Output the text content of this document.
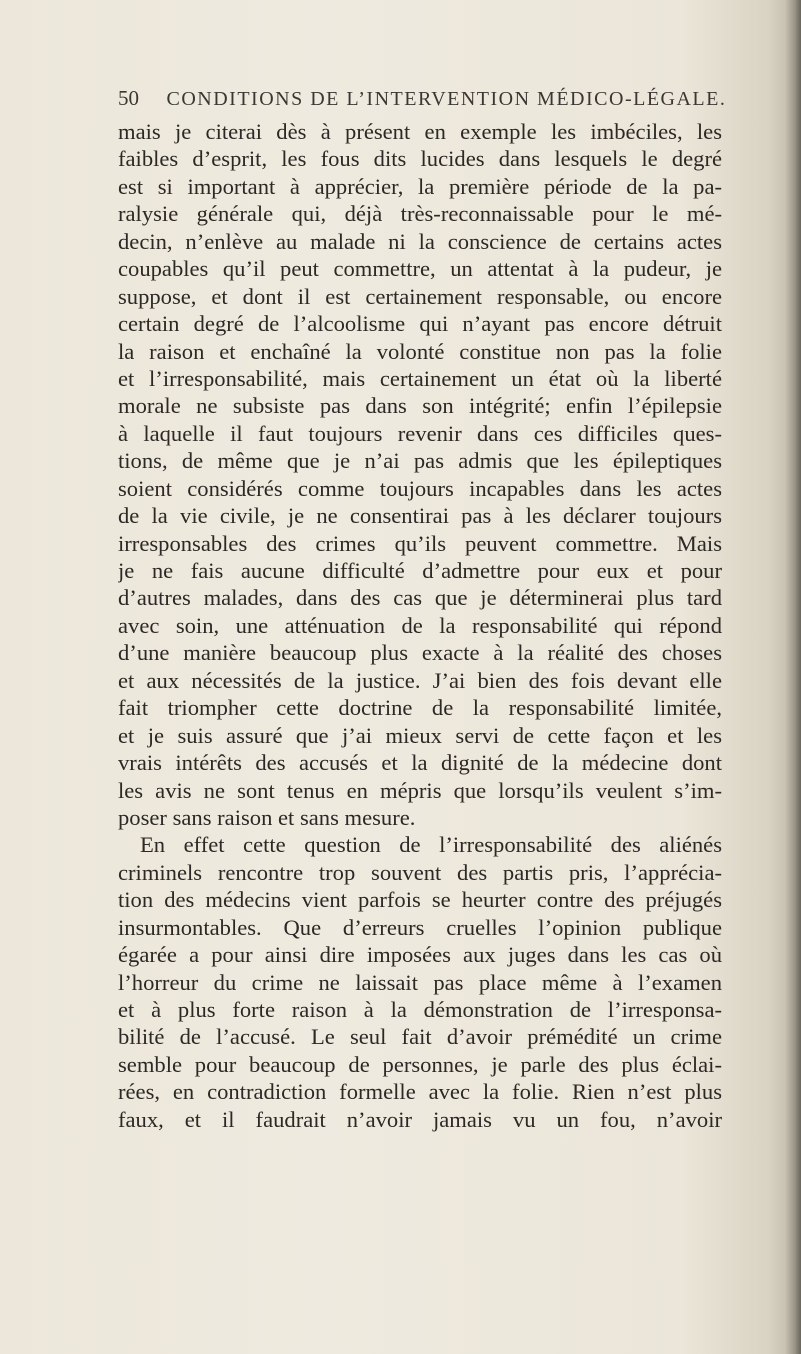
50 CONDITIONS DE L’INTERVENTION MÉDICO-LÉGALE.
mais je citerai dès à présent en exemple les imbéciles, les
faibles d’esprit, les fous dits lucides dans lesquels le degré
est si important à apprécier, la première période de la pa-
ralysie générale qui, déjà très-reconnaissable pour le mé-
decin, n’enlève au malade ni la conscience de certains actes
coupables qu’il peut commettre, un attentat à la pudeur, je
suppose, et dont il est certainement responsable, ou encore
certain degré de l’alcoolisme qui n’ayant pas encore détruit
la raison et enchaîné la volonté constitue non pas la folie
et l’irresponsabilité, mais certainement un état où la liberté
morale ne subsiste pas dans son intégrité; enfin l’épilepsie
à laquelle il faut toujours revenir dans ces difficiles ques-
tions, de même que je n’ai pas admis que les épileptiques
soient considérés comme toujours incapables dans les actes
de la vie civile, je ne consentirai pas à les déclarer toujours
irresponsables des crimes qu’ils peuvent commettre. Mais
je ne fais aucune difficulté d’admettre pour eux et pour
d’autres malades, dans des cas que je déterminerai plus tard
avec soin, une atténuation de la responsabilité qui répond
d’une manière beaucoup plus exacte à la réalité des choses
et aux nécessités de la justice. J’ai bien des fois devant elle
fait triompher cette doctrine de la responsabilité limitée,
et je suis assuré que j’ai mieux servi de cette façon et les
vrais intérêts des accusés et la dignité de la médecine dont
les avis ne sont tenus en mépris que lorsqu’ils veulent s’im-
poser sans raison et sans mesure.
En effet cette question de l’irresponsabilité des aliénés
criminels rencontre trop souvent des partis pris, l’apprécia-
tion des médecins vient parfois se heurter contre des préjugés
insurmontables. Que d’erreurs cruelles l’opinion publique
égarée a pour ainsi dire imposées aux juges dans les cas où
l’horreur du crime ne laissait pas place même à l’examen
et à plus forte raison à la démonstration de l’irresponsa-
bilité de l’accusé. Le seul fait d’avoir prémédité un crime
semble pour beaucoup de personnes, je parle des plus éclai-
rées, en contradiction formelle avec la folie. Rien n’est plus
faux, et il faudrait n’avoir jamais vu un fou, n’avoir
